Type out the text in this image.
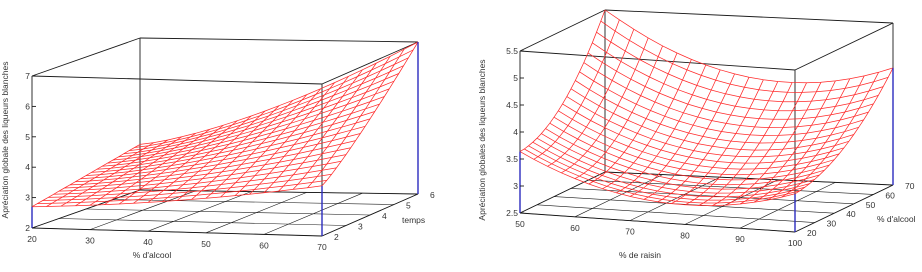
2
3
4
5
6
7
20	30	40	50	60	70
2
3
4
5
6
% d'alcool
temps
Apréciation globale des liqueurs blanches	2.5
3
3.5
4
4.5
5
5.5
50	60	70	80	90	100
20
30
40
50
60
70
% de raisin
% d'alcool
Apréciation globales des liqueurs blanches
